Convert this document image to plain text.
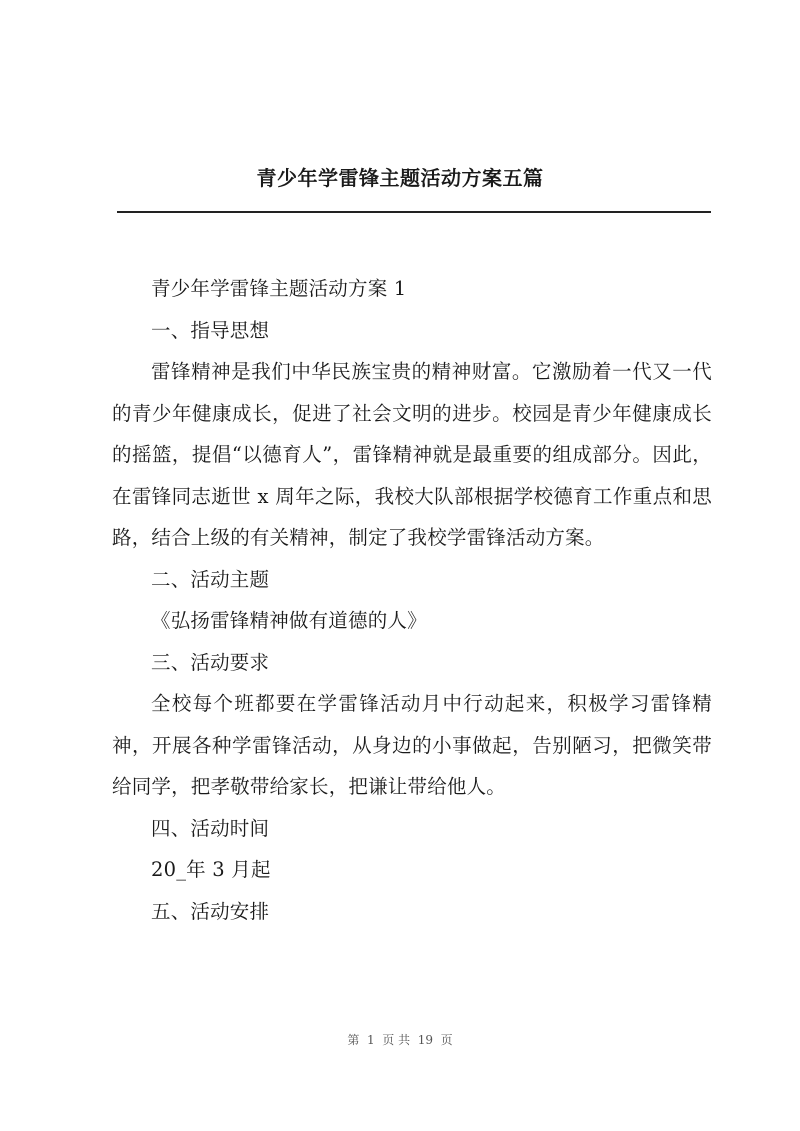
青少年学雷锋主题活动方案五篇

青少年学雷锋主题活动方案 1

一、指导思想

雷锋精神是我们中华民族宝贵的精神财富。它激励着一代又一代的青少年健康成长，促进了社会文明的进步。校园是青少年健康成长的摇篮，提倡“以德育人”，雷锋精神就是最重要的组成部分。因此，在雷锋同志逝世 x 周年之际，我校大队部根据学校德育工作重点和思路，结合上级的有关精神，制定了我校学雷锋活动方案。

二、活动主题

《弘扬雷锋精神做有道德的人》

三、活动要求

全校每个班都要在学雷锋活动月中行动起来，积极学习雷锋精神，开展各种学雷锋活动，从身边的小事做起，告别陋习，把微笑带给同学，把孝敬带给家长，把谦让带给他人。

四、活动时间

20_年 3 月起

五、活动安排

第  1  页 共  19  页
